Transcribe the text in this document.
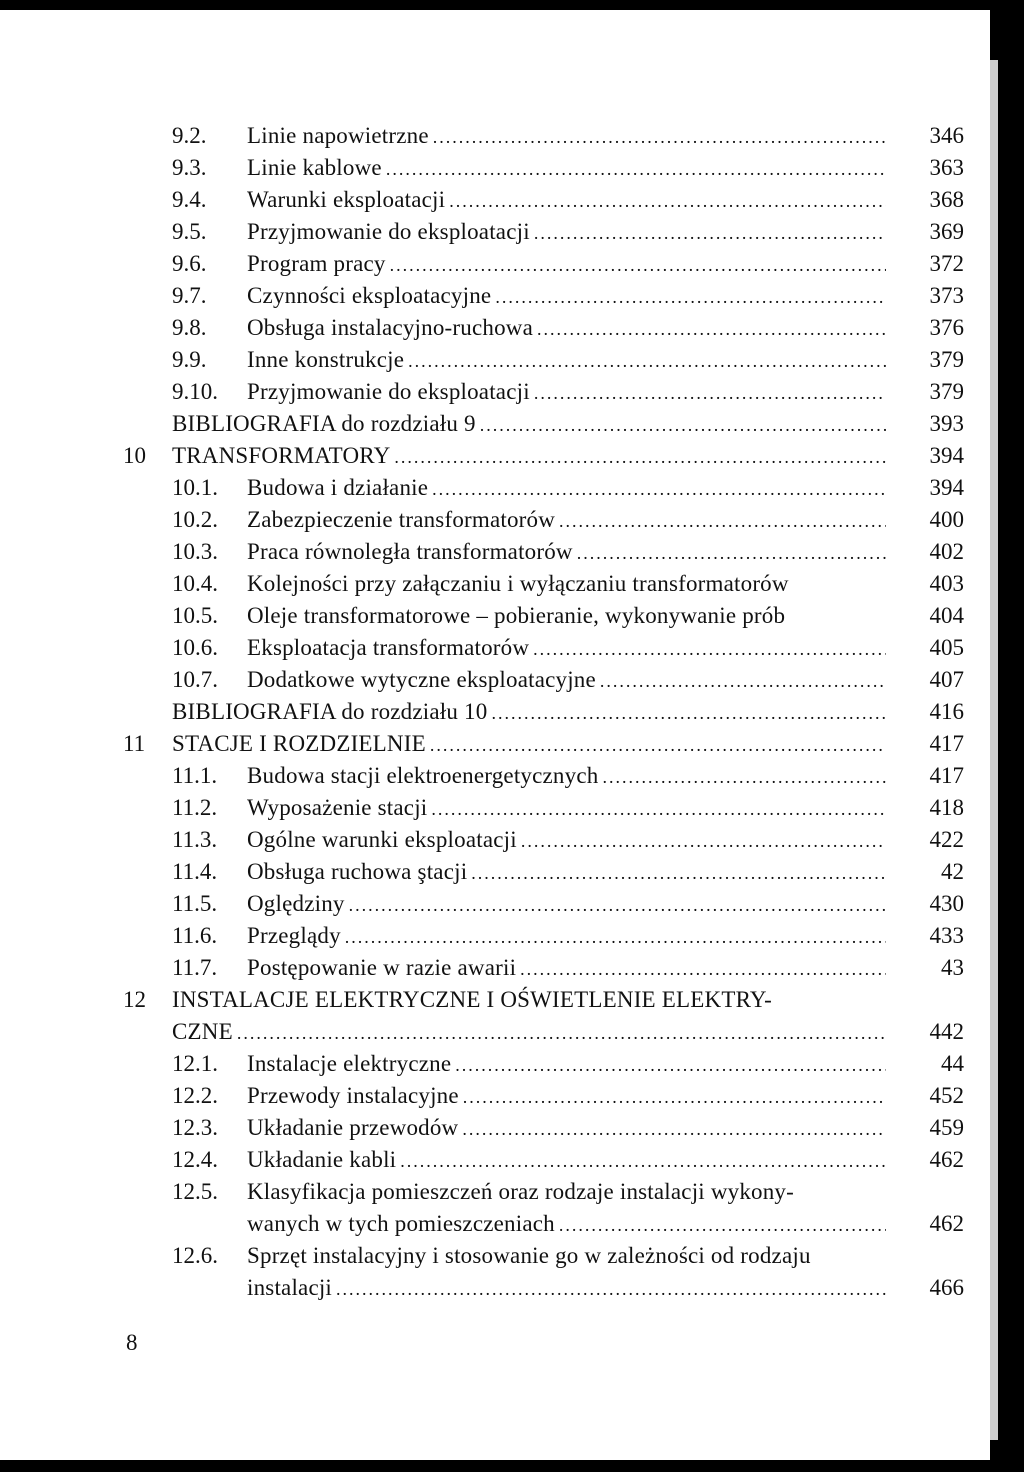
9.2. Linie napowietrzne .....	346
9.3. Linie kablowe .....	363
9.4. Warunki eksploatacji .....	368
9.5. Przyjmowanie do eksploatacji .....	369
9.6. Program pracy .....	372
9.7. Czynności eksploatacyjne .....	373
9.8. Obsługa instalacyjno-ruchowa .....	376
9.9. Inne konstrukcje .....	379
9.10. Przyjmowanie do eksploatacji .....	379
BIBLIOGRAFIA do rozdziału 9 .....	393
10 TRANSFORMATORY .....	394
10.1. Budowa i działanie .....	394
10.2. Zabezpieczenie transformatorów .....	400
10.3. Praca równoległa transformatorów .....	402
10.4. Kolejności przy załączaniu i wyłączaniu transformatorów	403
10.5. Oleje transformatorowe – pobieranie, wykonywanie prób	404
10.6. Eksploatacja transformatorów .....	405
10.7. Dodatkowe wytyczne eksploatacyjne .....	407
BIBLIOGRAFIA do rozdziału 10 .....	416
11 STACJE I ROZDZIELNIE .....	417
11.1. Budowa stacji elektroenergetycznych .....	417
11.2. Wyposażenie stacji .....	418
11.3. Ogólne warunki eksploatacji .....	422
11.4. Obsługa ruchowa ştacji .....	42
11.5. Oględziny .....	430
11.6. Przeglądy .....	433
11.7. Postępowanie w razie awarii .....	43
12 INSTALACJE ELEKTRYCZNE I OŚWIETLENIE ELEKTRY-
CZNE .....	442
12.1. Instalacje elektryczne .....	44
12.2. Przewody instalacyjne .....	452
12.3. Układanie przewodów .....	459
12.4. Układanie kabli .....	462
12.5. Klasyfikacja pomieszczeń oraz rodzaje instalacji wykony-
wanych w tych pomieszczeniach .....	462
12.6. Sprzęt instalacyjny i stosowanie go w zależności od rodzaju
instalacji .....	466
8
